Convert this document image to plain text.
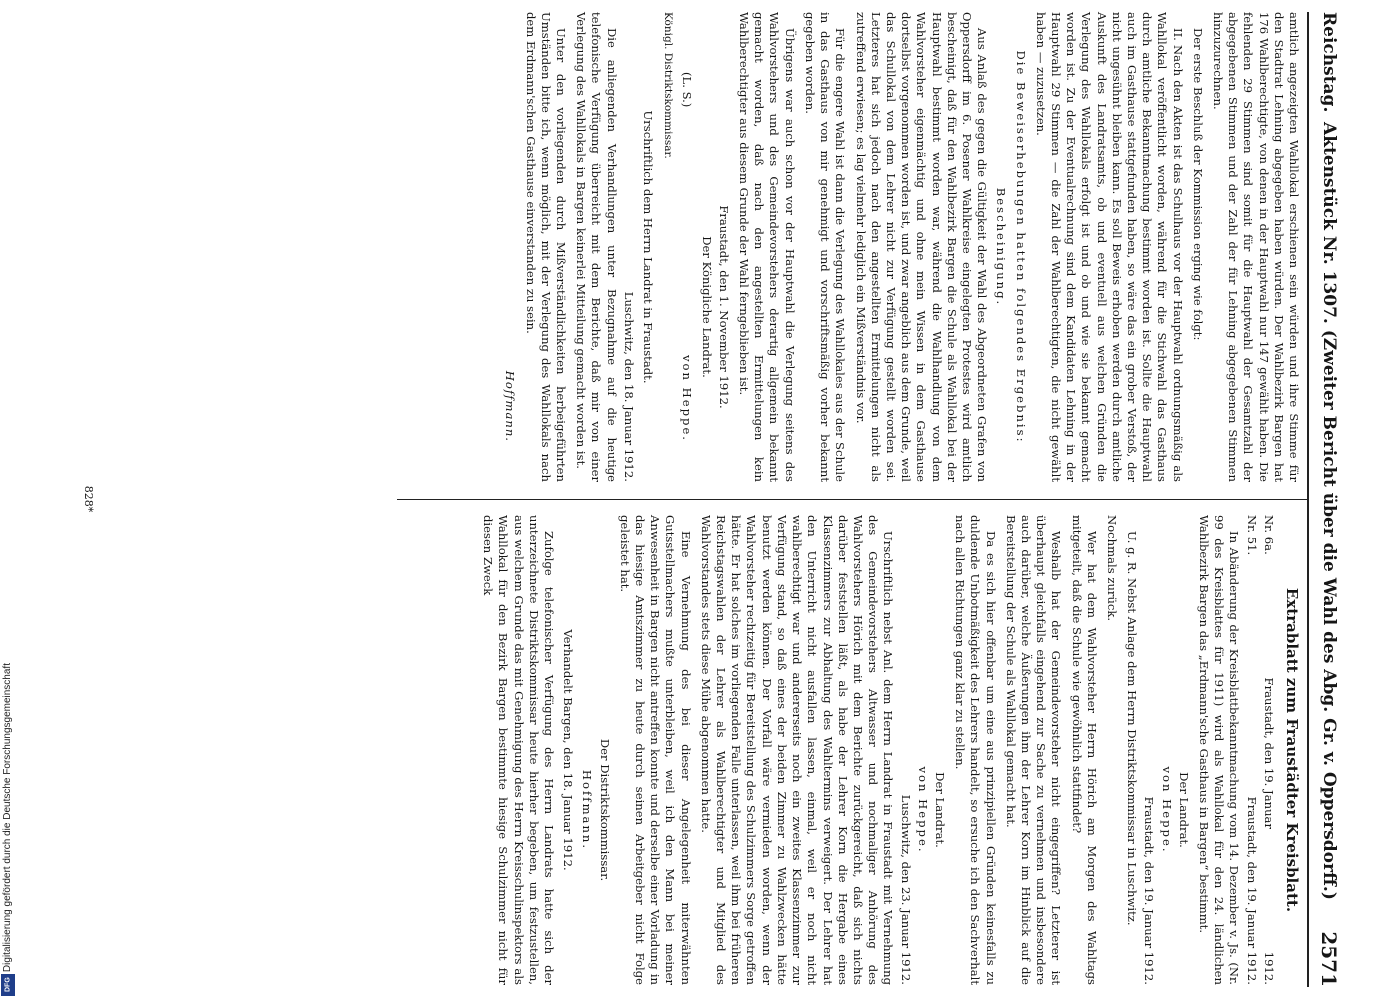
Digitalisierung gefördert durch die Deutsche Forschungsgemeinschaft
DFG
Reichstag.
Aktenstück Nr. 1307. (Zweiter Bericht über die Wahl des Abg. Gr. v. Oppersdorff.)
2571

amtlich angezeigten Wahllokal erschienen sein würden und ihre Stimme für den Stadtrat Lehning abgegeben haben würden. Der Wahlbezirk Bargen hat 176 Wahlberechtigte, von denen in der Hauptwahl nur 147 gewählt haben. Die fehlenden 29 Stimmen sind somit für die Hauptwahl der Gesamtzahl der abgegebenen Stimmen und der Zahl der für Lehning abgegebenen Stimmen hinzuzurechnen.

Der erste Beschluß der Kommission erging wie folgt:

II. Nach den Akten ist das Schulhaus vor der Hauptwahl ordnungsmäßig als Wahllokal veröffentlicht worden, während für die Stichwahl das Gasthaus durch amtliche Bekanntmachung bestimmt worden ist. Sollte die Hauptwahl auch im Gasthause stattgefunden haben, so wäre das ein grober Verstoß, der nicht ungesühnt bleiben kann. Es soll Beweis erhoben werden durch amtliche Auskunft des Landratsamts, ob und eventuell aus welchen Gründen die Verlegung des Wahllokals erfolgt ist und ob und wie sie bekannt gemacht worden ist. Zu der Eventualrechnung sind dem Kandidaten Lehning in der Hauptwahl 29 Stimmen — die Zahl der Wahlberechtigten, die nicht gewählt haben — zuzusetzen.

Die Beweiserhebungen hatten folgendes Ergebnis:

Bescheinigung.

Aus Anlaß des gegen die Gültigkeit der Wahl des Abgeordneten Grafen von Oppersdorff im 6. Posener Wahlkreise eingelegten Protestes wird amtlich bescheinigt, daß für den Wahlbezirk Bargen die Schule als Wahllokal bei der Hauptwahl bestimmt worden war, während die Wahlhandlung von dem Wahlvorsteher eigenmächtig und ohne mein Wissen in dem Gasthause dortselbst vorgenommen worden ist, und zwar angeblich aus dem Grunde, weil das Schullokal von dem Lehrer nicht zur Verfügung gestellt worden sei. Letzteres hat sich jedoch nach den angestellten Ermittelungen nicht als zutreffend erwiesen; es lag vielmehr lediglich ein Mißverständnis vor.

Für die engere Wahl ist dann die Verlegung des Wahllokales aus der Schule in das Gasthaus von mir genehmigt und vorschriftsmäßig vorher bekannt gegeben worden.

Übrigens war auch schon vor der Hauptwahl die Verlegung seitens des Wahlvorstehers und des Gemeindevorstehers derartig allgemein bekannt gemacht worden, daß nach den angestellten Ermittelungen kein Wahlberechtigter aus diesem Grunde der Wahl ferngeblieben ist.

Fraustadt, den 1. November 1912.

Der Königliche Landrat.

(L. S.)
von Heppe.

Königl. Distriktskommissar.

Urschriftlich dem Herrn Landrat in Fraustadt.

Luschwitz, den 18. Januar 1912.

Die anliegenden Verhandlungen unter Bezugnahme auf die heutige telefonische Verfügung überreicht mit dem Berichte, daß mir von einer Verlegung des Wahllokals in Bargen keinerlei Mitteilung gemacht worden ist.

Unter den vorliegenden durch Mißverständlichkeiten herbeigeführten Umständen bitte ich, wenn möglich, mit der Verlegung des Wahllokals nach dem Erdmann'schen Gasthause einverstanden zu sein.

Hoffmann.

Extrablatt zum Fraustädter Kreisblatt.

Nr. 6a.
Fraustadt, den 19. Januar
1912.
Nr. 51.
Fraustadt, den 19. Januar 1912.

In Abänderung der Kreisblattbekanntmachung vom 14. Dezember v. Js. (Nr. 99 des Kreisblattes für 1911) wird als Wahllokal für den 24. ländlichen Wahlbezirk Bargen das „Erdmann'sche Gasthaus in Bargen“ bestimmt.

Der Landrat.

von Heppe.

Fraustadt, den 19. Januar 1912.

U. g. R. Nebst Anlage dem Herrn Distriktskommissar in Luschwitz.

Nochmals zurück.

Wer hat dem Wahlvorsteher Herrn Hörich am Morgen des Wahltags mitgeteilt, daß die Schule wie gewöhnlich stattfindet?

Weshalb hat der Gemeindevorsteher nicht eingegriffen? Letzterer ist überhaupt gleichfalls eingehend zur Sache zu vernehmen und insbesondere auch darüber, welche Äußerungen ihm der Lehrer Korn im Hinblick auf die Bereitstellung der Schule als Wahllokal gemacht hat.

Da es sich hier offenbar um eine aus prinzipiellen Gründen keinesfalls zu duldende Unbotmäßigkeit des Lehrers handelt, so ersuche ich den Sachverhalt nach allen Richtungen ganz klar zu stellen.

Der Landrat.

von Heppe.

Luschwitz, den 23. Januar 1912.

Urschriftlich nebst Anl. dem Herrn Landrat in Fraustadt mit Vernehmung des Gemeindevorstehers Altwasser und nochmaliger Anhörung des Wahlvorstehers Hörich mit dem Berichte zurückgereicht, daß sich nichts darüber feststellen läßt, als habe der Lehrer Korn die Hergabe eines Klassenzimmers zur Abhaltung des Wahltermins verweigert. Der Lehrer hat den Unterricht nicht ausfallen lassen, einmal, weil er noch nicht wahlberechtigt war und andererseits noch ein zweites Klassenzimmer zur Verfügung stand, so daß eines der beiden Zimmer zu Wahlzwecken hätte benutzt werden können. Der Vorfall wäre vermieden worden, wenn der Wahlvorsteher rechtzeitig für Bereitstellung des Schulzimmers Sorge getroffen hätte. Er hat solches im vorliegenden Falle unterlassen, weil ihm bei früheren Reichstagswahlen der Lehrer als Wahlberechtigter und Mitglied des Wahlvorstandes stets diese Mühe abgenommen hatte.

Eine Vernehmung des bei dieser Angelegenheit miterwähnten Gutsstellmachers mußte unterbleiben, weil ich den Mann bei meiner Anwesenheit in Bargen nicht antreffen konnte und derselbe einer Vorladung in das hiesige Amtszimmer zu heute durch seinen Arbeitgeber nicht Folge geleistet hat.

Der Distriktskommissar.

Hoffmann.

Verhandelt Bargen, den 18. Januar 1912.

Zufolge telefonischer Verfügung des Herrn Landrats hatte sich der unterzeichnete Distriktskommissar heute hierher begeben, um festzustellen, aus welchem Grunde das mit Genehmigung des Herrn Kreisschulinspektors als Wahllokal für den Bezirk Bargen bestimmte hiesige Schulzimmer nicht für diesen Zweck

828*
